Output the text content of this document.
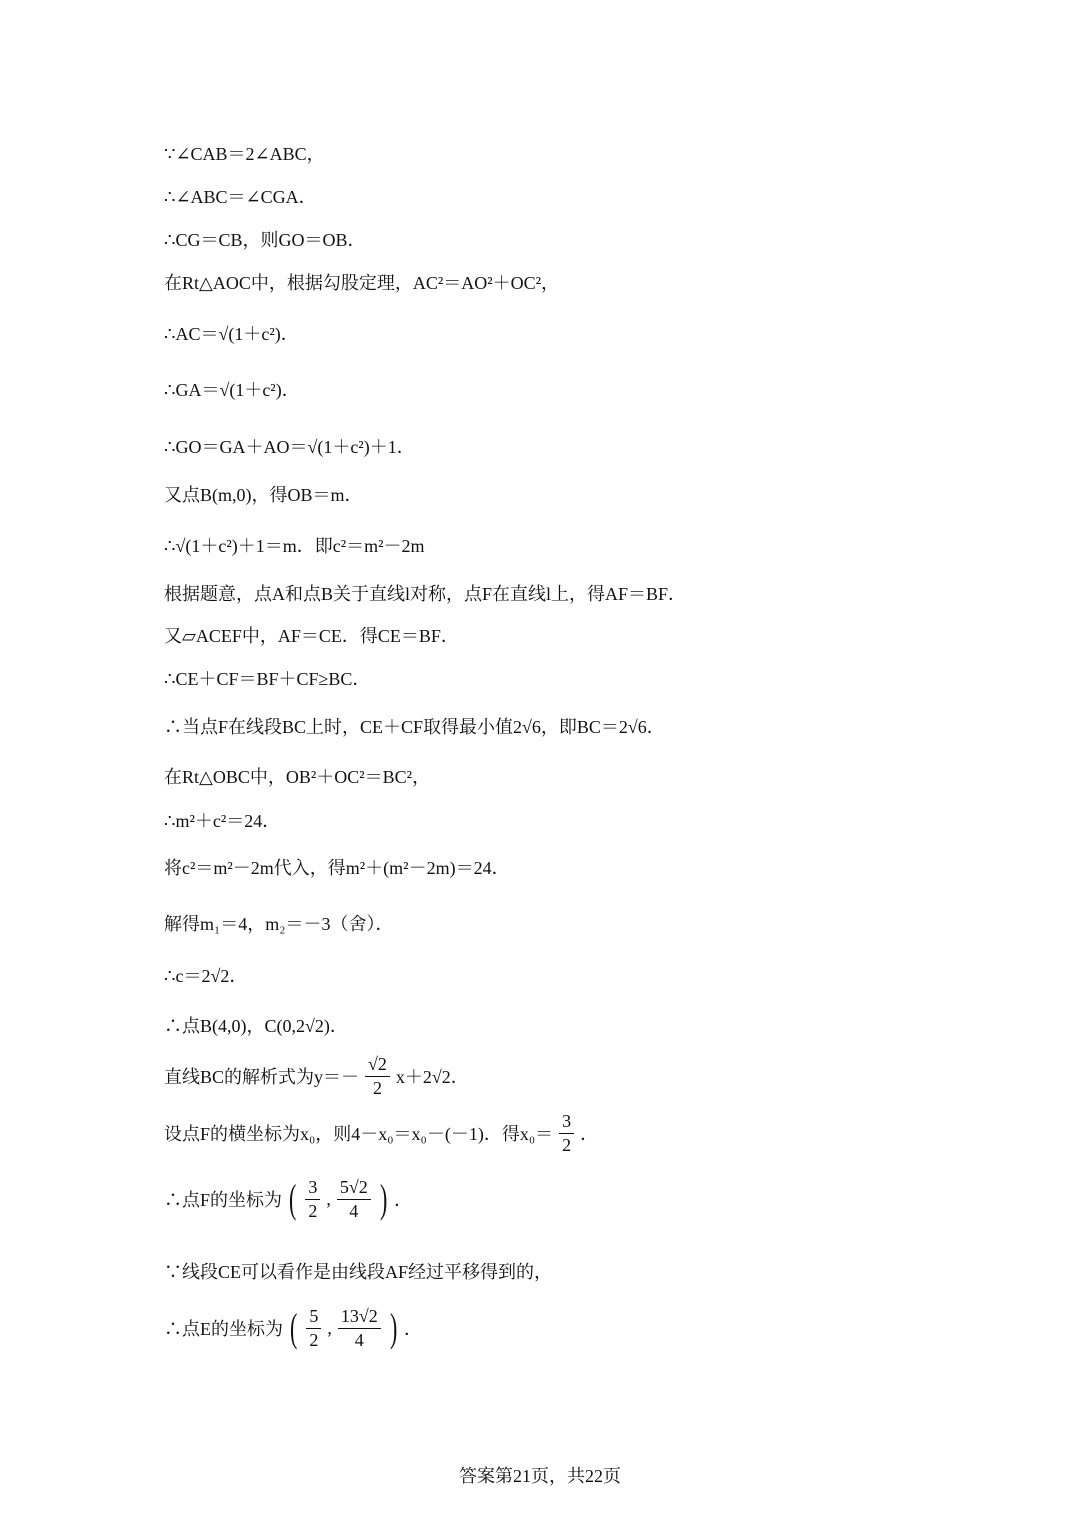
∵∠CAB＝2∠ABC，
∴∠ABC＝∠CGA．
∴CG＝CB，则GO＝OB．
在Rt△AOC中，根据勾股定理，AC²＝AO²＋OC²，
∴AC＝√(1＋c²)．
∴GA＝√(1＋c²)．
∴GO＝GA＋AO＝√(1＋c²)＋1．
又点B(m,0)，得OB＝m．
∴√(1＋c²)＋1＝m．即c²＝m²－2m
根据题意，点A和点B关于直线l对称，点F在直线l上，得AF＝BF．
又▱ACEF中，AF＝CE．得CE＝BF．
∴CE＋CF＝BF＋CF≥BC．
∴当点F在线段BC上时，CE＋CF取得最小值2√6，即BC＝2√6．
在Rt△OBC中，OB²＋OC²＝BC²，
∴m²＋c²＝24．
将c²＝m²－2m代入，得m²＋(m²－2m)＝24．
解得m₁＝4，m₂＝－3（舍）．
∴c＝2√2．
∴点B(4,0)，C(0,2√2)．
直线BC的解析式为$y=- \frac{√2}{2} x+2√2$．
设点F的横坐标为x₀，则4－x₀＝x₀－(－1)．得$x_0= \frac{3}{2}$ ．
∴点F的坐标为 ( $\frac{3}{2}$ , $\frac{5√2}{4}$ ) ．
∵线段CE可以看作是由线段AF经过平移得到的，
∴点E的坐标为 ( $\frac{5}{2}$ , $\frac{13√2}{4}$ ) ．
答案第21页，共22页
